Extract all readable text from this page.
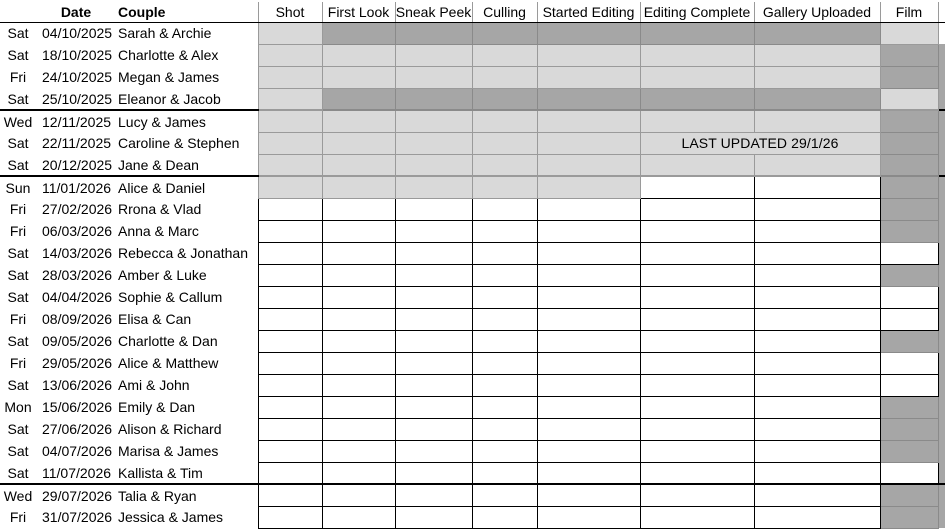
	Date	Couple	Shot	First Look	Sneak Peek	Culling	Started Editing	Editing Complete	Gallery Uploaded	Film	
Sat	04/10/2025	Sarah & Archie									
Sat	18/10/2025	Charlotte & Alex									
Fri	24/10/2025	Megan & James									
Sat	25/10/2025	Eleanor & Jacob									
Wed	12/11/2025	Lucy & James									
Sat	22/11/2025	Caroline & Stephen						LAST UPDATED 29/1/26			
Sat	20/12/2025	Jane & Dean									
Sun	11/01/2026	Alice & Daniel									
Fri	27/02/2026	Rrona & Vlad									
Fri	06/03/2026	Anna & Marc									
Sat	14/03/2026	Rebecca & Jonathan									
Sat	28/03/2026	Amber & Luke									
Sat	04/04/2026	Sophie & Callum									
Fri	08/09/2026	Elisa & Can									
Sat	09/05/2026	Charlotte & Dan									
Fri	29/05/2026	Alice & Matthew									
Sat	13/06/2026	Ami & John									
Mon	15/06/2026	Emily & Dan									
Sat	27/06/2026	Alison & Richard									
Sat	04/07/2026	Marisa & James									
Sat	11/07/2026	Kallista & Tim									
Wed	29/07/2026	Talia & Ryan									
Fri	31/07/2026	Jessica & James									
